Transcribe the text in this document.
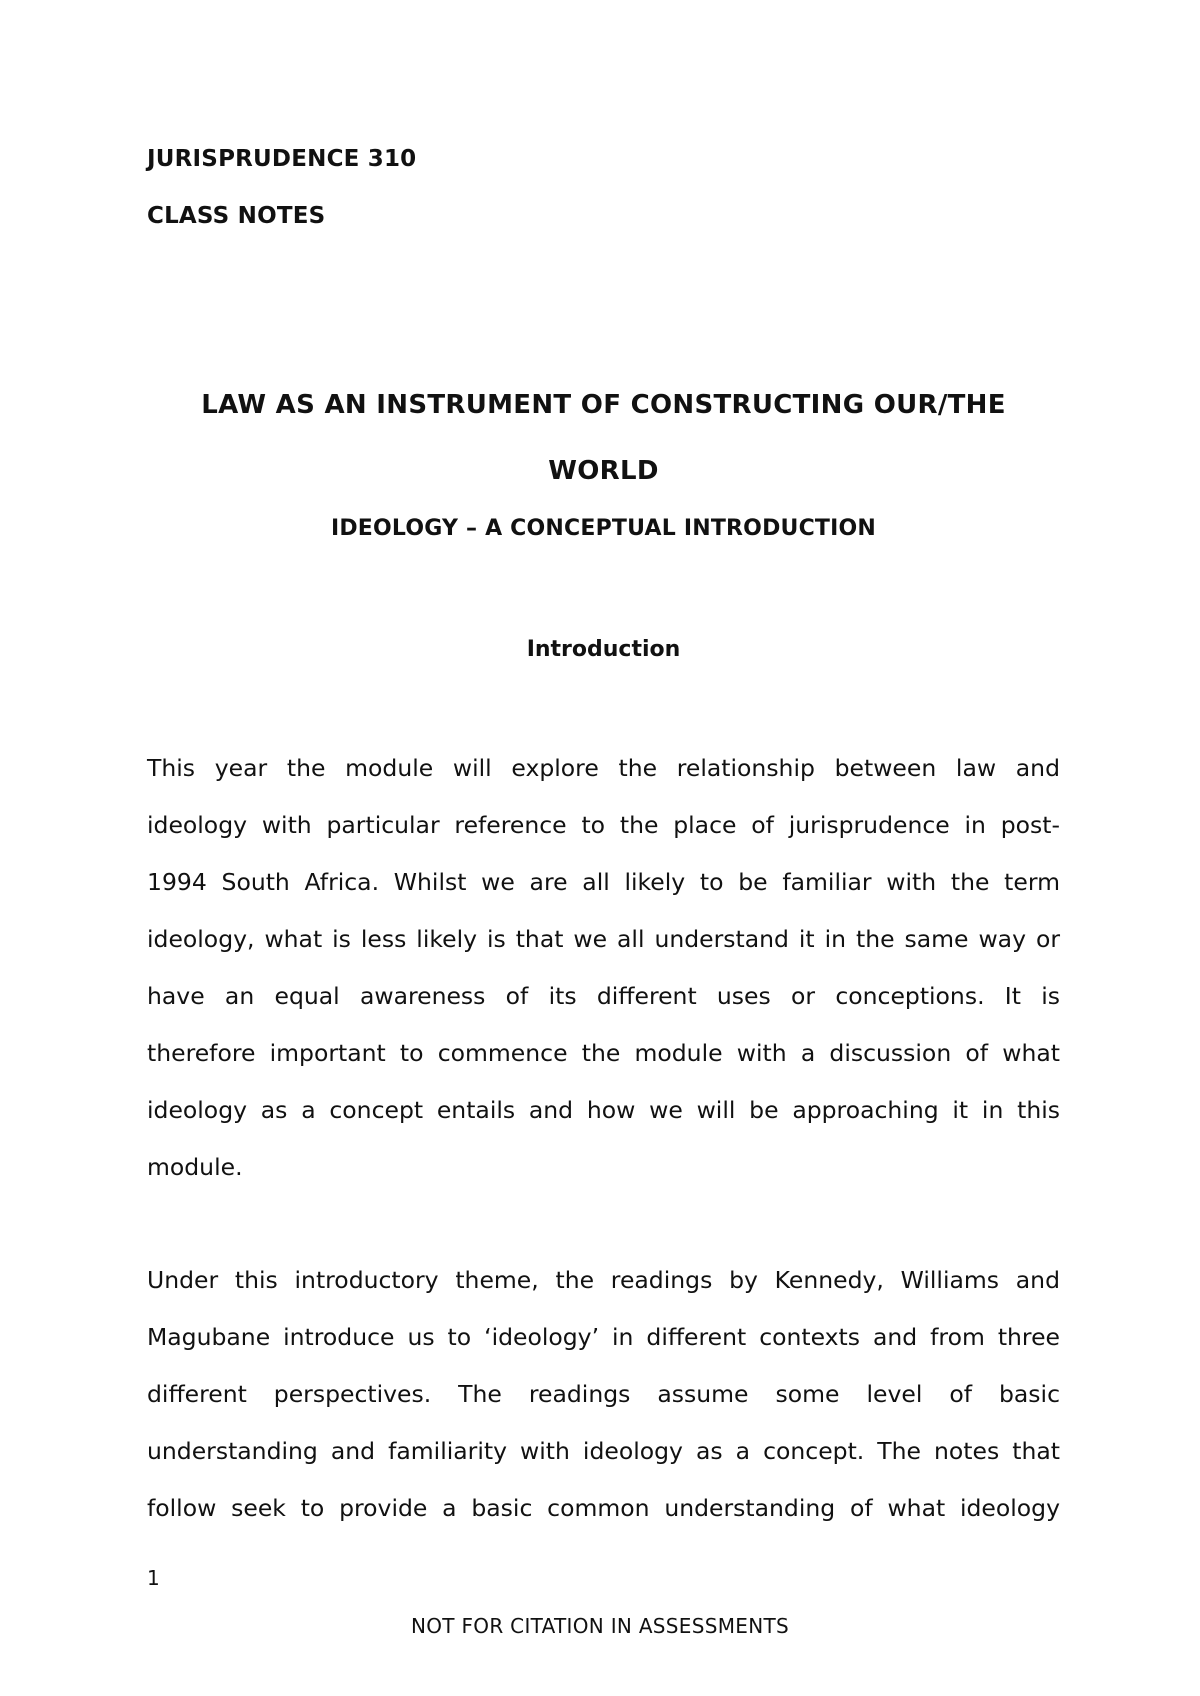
JURISPRUDENCE 310
CLASS NOTES
LAW AS AN INSTRUMENT OF CONSTRUCTING OUR/THE
WORLD
IDEOLOGY – A CONCEPTUAL INTRODUCTION
Introduction
This year the module will explore the relationship between law and
ideology with particular reference to the place of jurisprudence in post-
1994 South Africa. Whilst we are all likely to be familiar with the term
ideology, what is less likely is that we all understand it in the same way or
have an equal awareness of its different uses or conceptions. It is
therefore important to commence the module with a discussion of what
ideology as a concept entails and how we will be approaching it in this
module.
Under this introductory theme, the readings by Kennedy, Williams and
Magubane introduce us to ‘ideology’ in different contexts and from three
different perspectives. The readings assume some level of basic
understanding and familiarity with ideology as a concept. The notes that
follow seek to provide a basic common understanding of what ideology
1
NOT FOR CITATION IN ASSESSMENTS
